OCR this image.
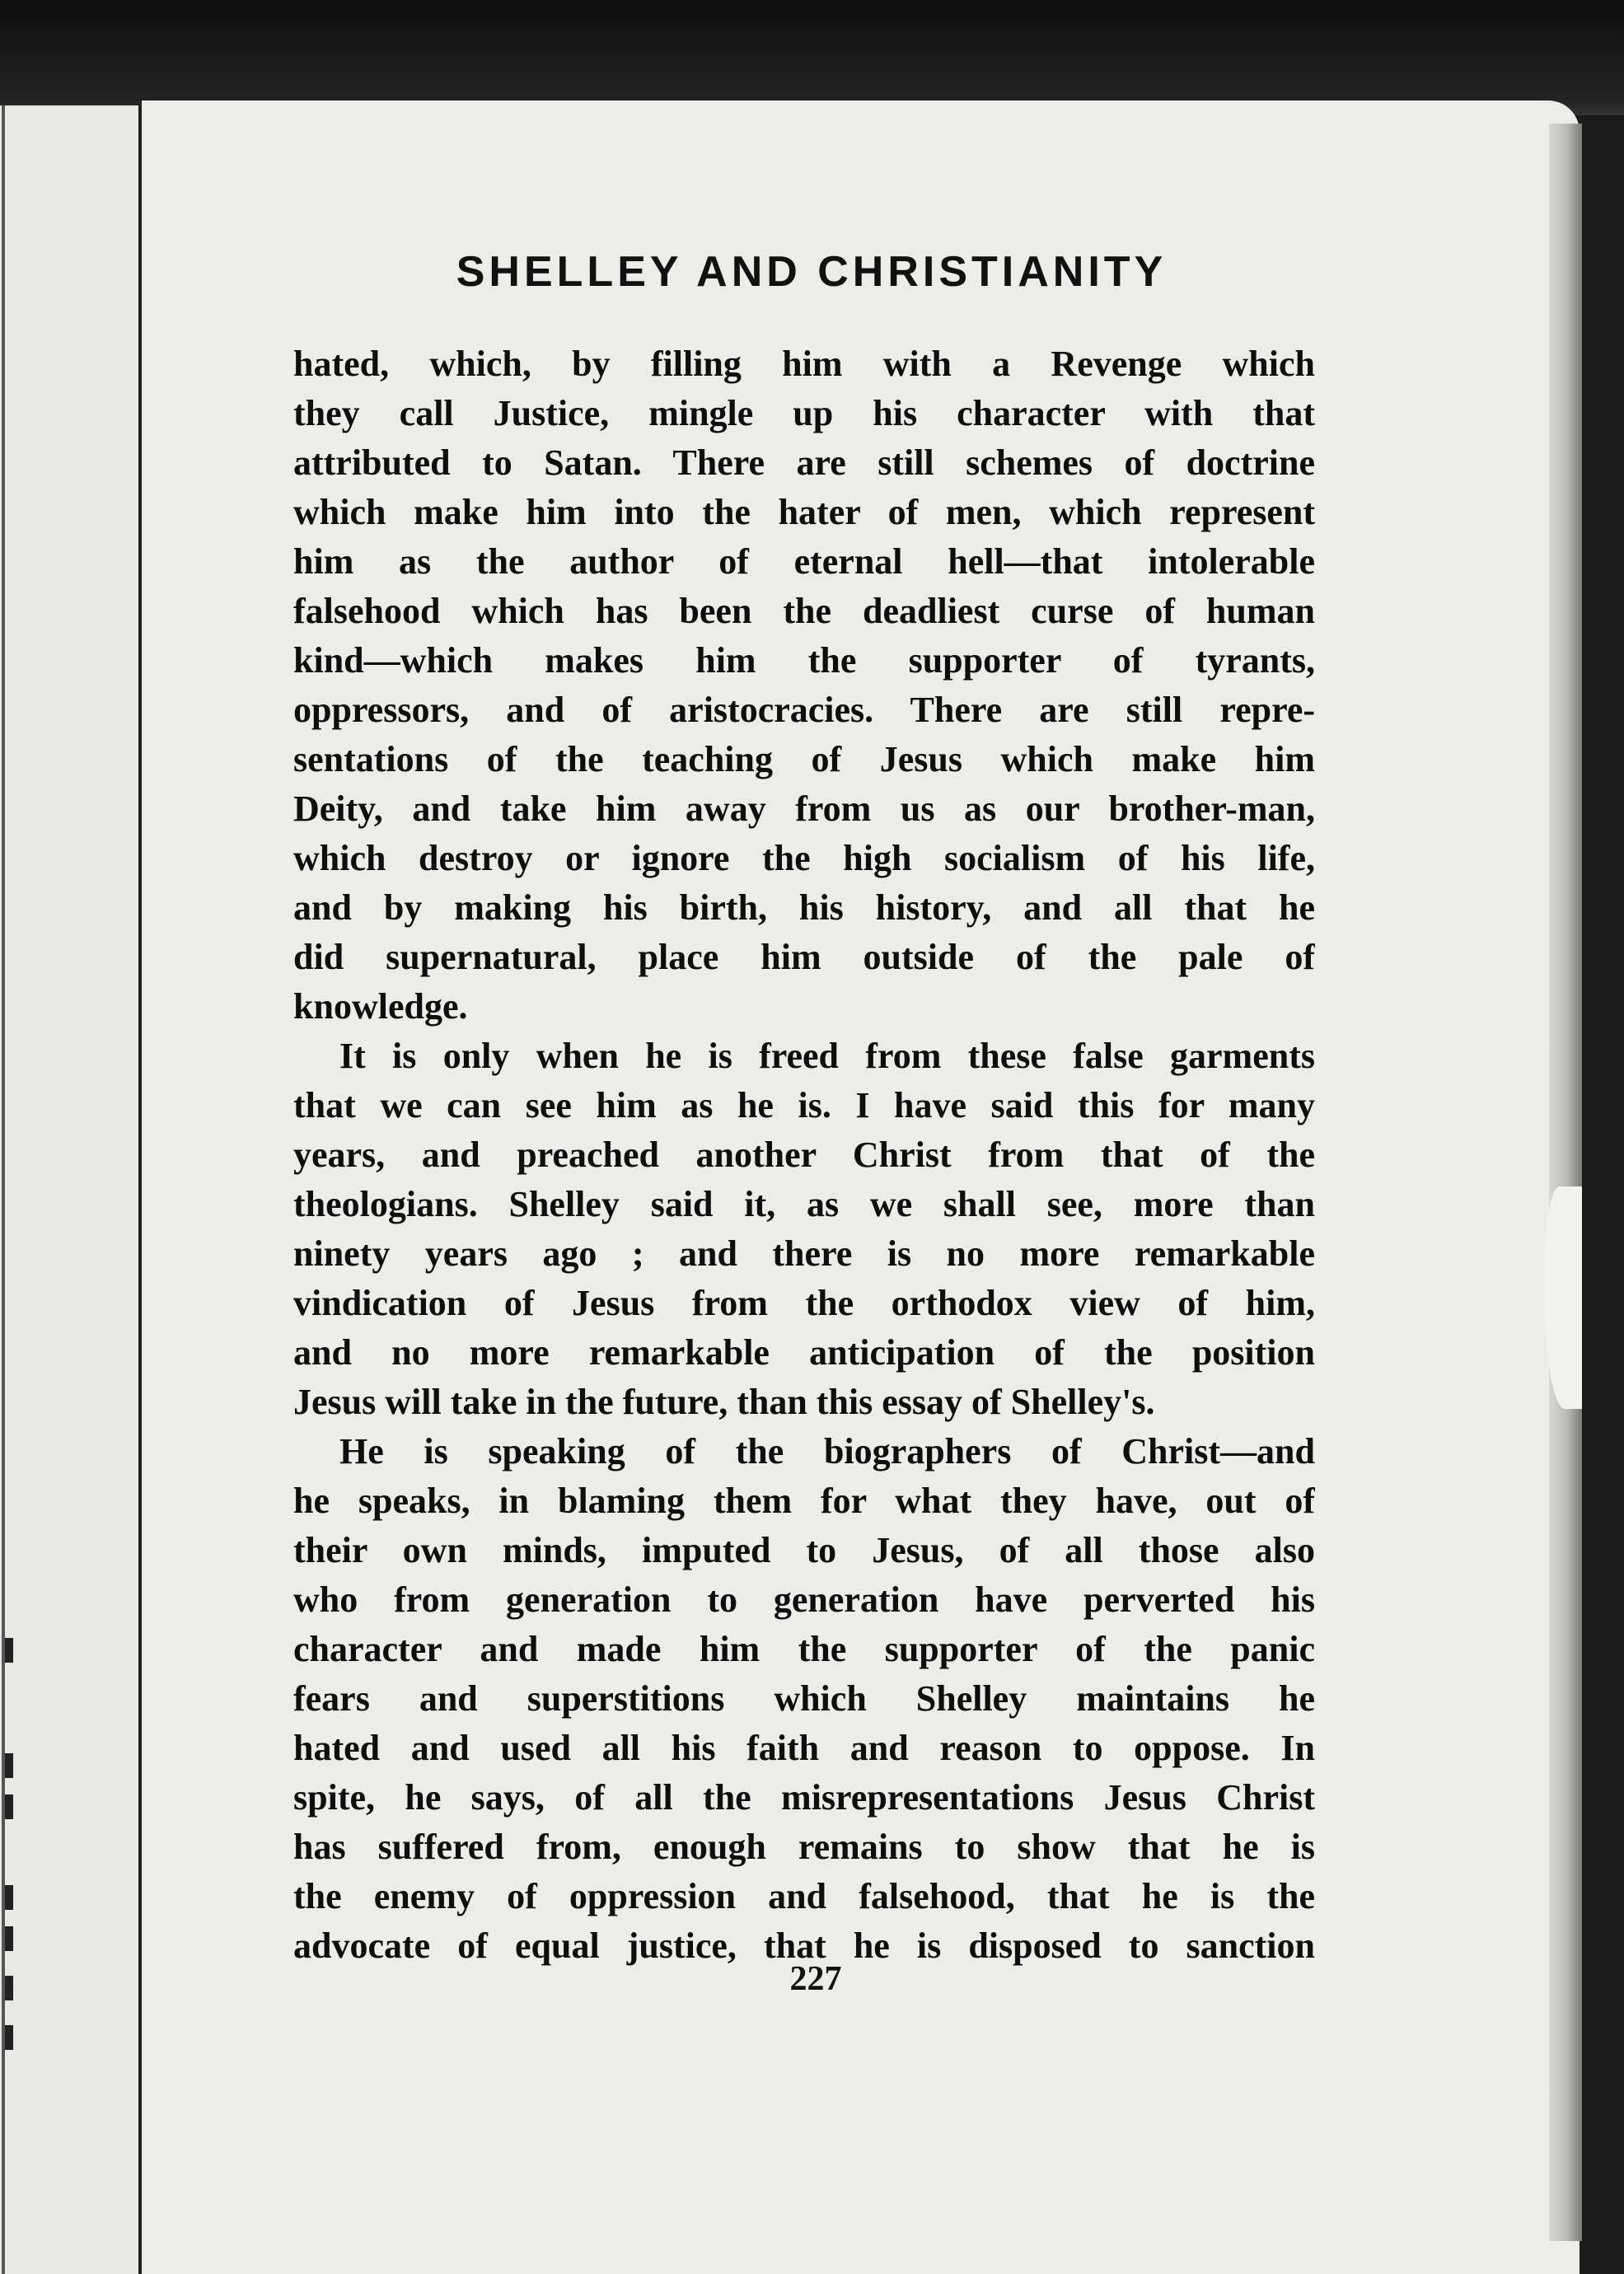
SHELLEY AND CHRISTIANITY
hated, which, by filling him with a Revenge which
they call Justice, mingle up his character with that
attributed to Satan. There are still schemes of doctrine
which make him into the hater of men, which represent
him as the author of eternal hell—that intolerable
falsehood which has been the deadliest curse of human
kind—which makes him the supporter of tyrants,
oppressors, and of aristocracies. There are still repre-
sentations of the teaching of Jesus which make him
Deity, and take him away from us as our brother-man,
which destroy or ignore the high socialism of his life,
and by making his birth, his history, and all that he
did supernatural, place him outside of the pale of
knowledge.
It is only when he is freed from these false garments
that we can see him as he is. I have said this for many
years, and preached another Christ from that of the
theologians. Shelley said it, as we shall see, more than
ninety years ago ; and there is no more remarkable
vindication of Jesus from the orthodox view of him,
and no more remarkable anticipation of the position
Jesus will take in the future, than this essay of Shelley's.
He is speaking of the biographers of Christ—and
he speaks, in blaming them for what they have, out of
their own minds, imputed to Jesus, of all those also
who from generation to generation have perverted his
character and made him the supporter of the panic
fears and superstitions which Shelley maintains he
hated and used all his faith and reason to oppose. In
spite, he says, of all the misrepresentations Jesus Christ
has suffered from, enough remains to show that he is
the enemy of oppression and falsehood, that he is the
advocate of equal justice, that he is disposed to sanction
227
